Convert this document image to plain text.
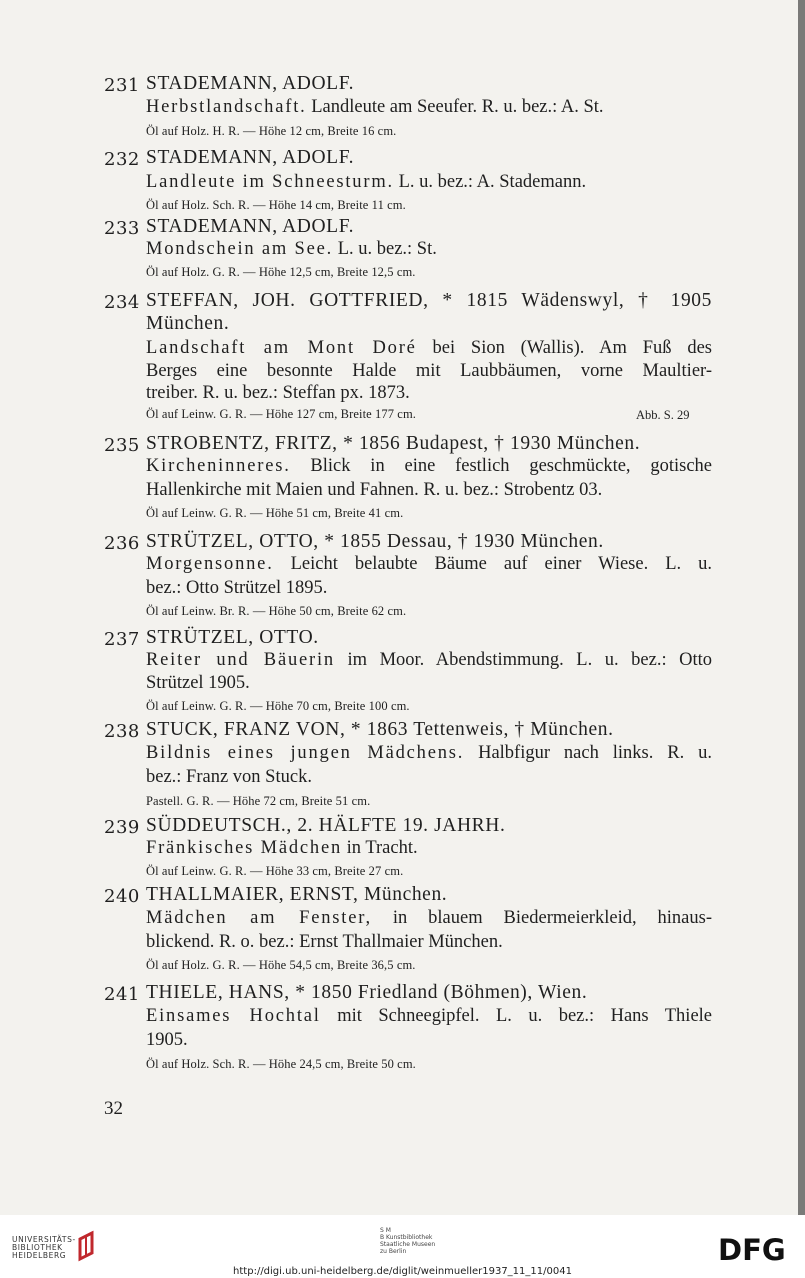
231 STADEMANN, ADOLF.
Herbstlandschaft. Landleute am Seeufer. R. u. bez.: A. St.
Öl auf Holz. H. R. — Höhe 12 cm, Breite 16 cm.
232 STADEMANN, ADOLF.
Landleute im Schneesturm. L. u. bez.: A. Stademann.
Öl auf Holz. Sch. R. — Höhe 14 cm, Breite 11 cm.
233 STADEMANN, ADOLF.
Mondschein am See. L. u. bez.: St.
Öl auf Holz. G. R. — Höhe 12,5 cm, Breite 12,5 cm.
234 STEFFAN, JOH. GOTTFRIED, * 1815 Wädenswyl, † 1905
München.
Landschaft am Mont Doré bei Sion (Wallis). Am Fuß des
Berges eine besonnte Halde mit Laubbäumen, vorne Maultier-
treiber. R. u. bez.: Steffan px. 1873.
Öl auf Leinw. G. R. — Höhe 127 cm, Breite 177 cm.	Abb. S. 29
235 STROBENTZ, FRITZ, * 1856 Budapest, † 1930 München.
Kircheninneres. Blick in eine festlich geschmückte, gotische
Hallenkirche mit Maien und Fahnen. R. u. bez.: Strobentz 03.
Öl auf Leinw. G. R. — Höhe 51 cm, Breite 41 cm.
236 STRÜTZEL, OTTO, * 1855 Dessau, † 1930 München.
Morgensonne. Leicht belaubte Bäume auf einer Wiese. L. u.
bez.: Otto Strützel 1895.
Öl auf Leinw. Br. R. — Höhe 50 cm, Breite 62 cm.
237 STRÜTZEL, OTTO.
Reiter und Bäuerin im Moor. Abendstimmung. L. u. bez.: Otto
Strützel 1905.
Öl auf Leinw. G. R. — Höhe 70 cm, Breite 100 cm.
238 STUCK, FRANZ VON, * 1863 Tettenweis, † München.
Bildnis eines jungen Mädchens. Halbfigur nach links. R. u.
bez.: Franz von Stuck.
Pastell. G. R. — Höhe 72 cm, Breite 51 cm.
239 SÜDDEUTSCH., 2. HÄLFTE 19. JAHRH.
Fränkisches Mädchen in Tracht.
Öl auf Leinw. G. R. — Höhe 33 cm, Breite 27 cm.
240 THALLMAIER, ERNST, München.
Mädchen am Fenster, in blauem Biedermeierkleid, hinaus-
blickend. R. o. bez.: Ernst Thallmaier München.
Öl auf Holz. G. R. — Höhe 54,5 cm, Breite 36,5 cm.
241 THIELE, HANS, * 1850 Friedland (Böhmen), Wien.
Einsames Hochtal mit Schneegipfel. L. u. bez.: Hans Thiele
1905.
Öl auf Holz. Sch. R. — Höhe 24,5 cm, Breite 50 cm.
32
UNIVERSITÄTS-
BIBLIOTHEK
HEIDELBERG
S M
B Kunstbibliothek
Staatliche Museen
zu Berlin	DFG
http://digi.ub.uni-heidelberg.de/diglit/weinmueller1937_11_11/0041
